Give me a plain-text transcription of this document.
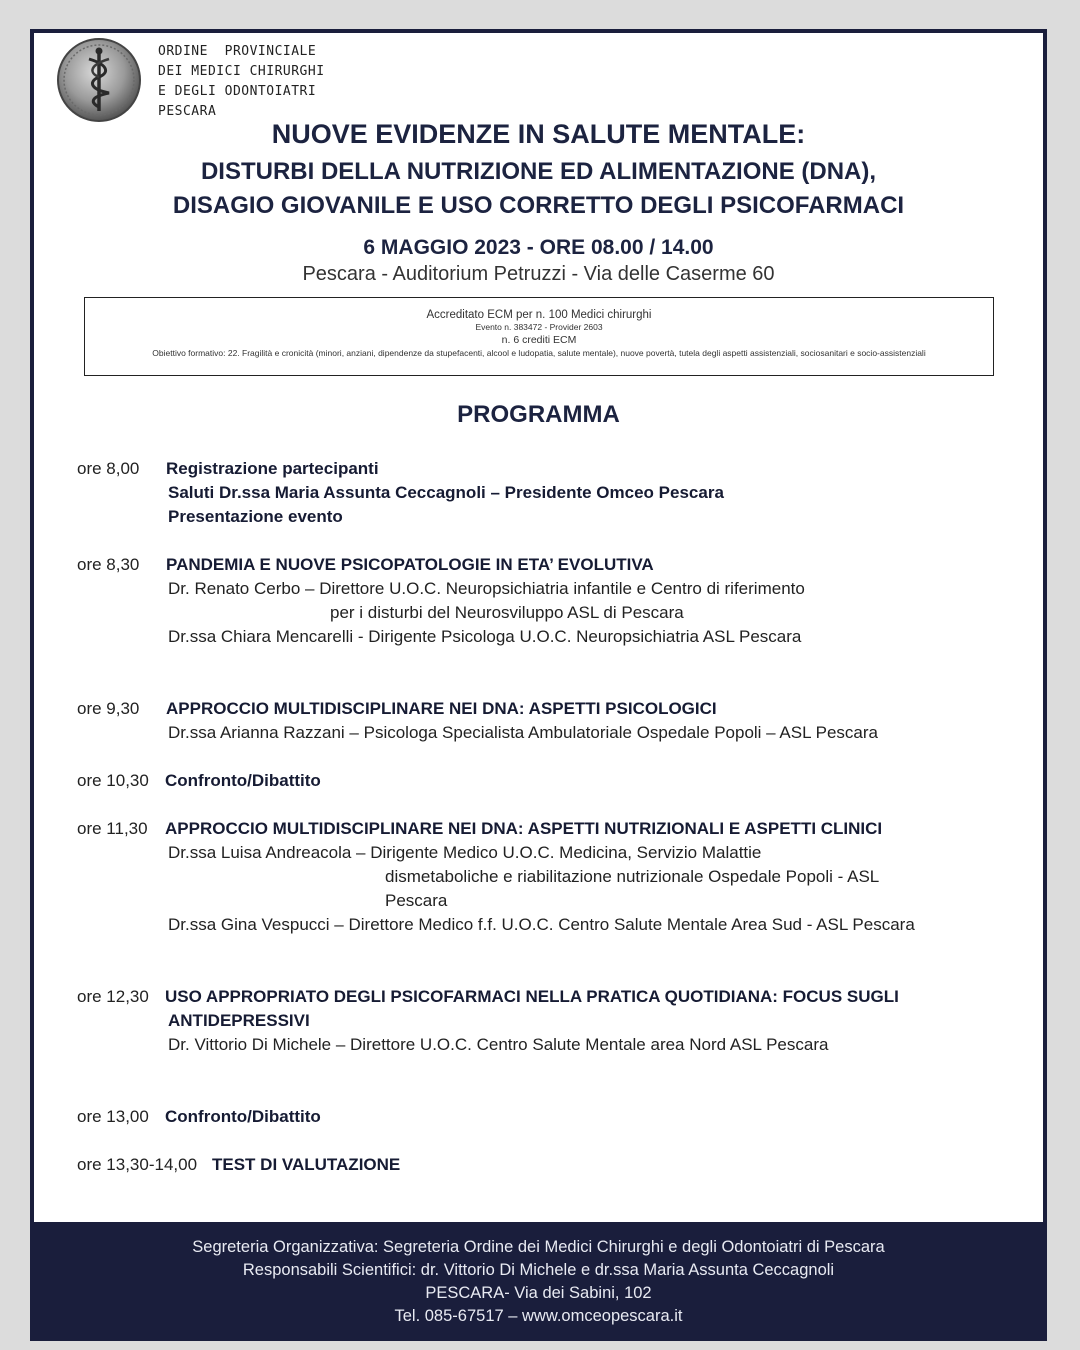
ORDINE  PROVINCIALE
DEI MEDICI CHIRURGHI
E DEGLI ODONTOIATRI
PESCARA
NUOVE EVIDENZE IN SALUTE MENTALE:
DISTURBI DELLA NUTRIZIONE ED ALIMENTAZIONE (DNA),
DISAGIO GIOVANILE E USO CORRETTO DEGLI PSICOFARMACI
6 MAGGIO 2023 - ORE 08.00 / 14.00
Pescara - Auditorium Petruzzi - Via delle Caserme 60
Accreditato ECM per n. 100 Medici chirurghi
Evento n. 383472 - Provider 2603
n. 6 crediti ECM
Obiettivo formativo: 22. Fragilità e cronicità (minori, anziani, dipendenze da stupefacenti, alcool e ludopatia, salute mentale), nuove povertà, tutela degli aspetti assistenziali, sociosanitari e socio-assistenziali
PROGRAMMA
ore 8,00 Registrazione partecipanti
Saluti Dr.ssa Maria Assunta Ceccagnoli – Presidente Omceo Pescara
Presentazione evento
ore 8,30 PANDEMIA E NUOVE PSICOPATOLOGIE IN ETA’ EVOLUTIVA
Dr. Renato Cerbo – Direttore U.O.C. Neuropsichiatria infantile e Centro di riferimento
per i disturbi del Neurosviluppo ASL di Pescara
Dr.ssa Chiara Mencarelli - Dirigente Psicologa U.O.C. Neuropsichiatria ASL Pescara
ore 9,30 APPROCCIO MULTIDISCIPLINARE NEI DNA: ASPETTI PSICOLOGICI
Dr.ssa Arianna Razzani – Psicologa Specialista Ambulatoriale Ospedale Popoli – ASL Pescara
ore 10,30 Confronto/Dibattito
ore 11,30 APPROCCIO MULTIDISCIPLINARE NEI DNA: ASPETTI NUTRIZIONALI E ASPETTI CLINICI
Dr.ssa Luisa Andreacola – Dirigente Medico U.O.C. Medicina, Servizio Malattie
dismetaboliche e riabilitazione nutrizionale Ospedale Popoli - ASL
Pescara
Dr.ssa Gina Vespucci – Direttore Medico f.f. U.O.C. Centro Salute Mentale Area Sud - ASL Pescara
ore 12,30 USO APPROPRIATO DEGLI PSICOFARMACI NELLA PRATICA QUOTIDIANA: FOCUS SUGLI
ANTIDEPRESSIVI
Dr. Vittorio Di Michele – Direttore U.O.C. Centro Salute Mentale area Nord ASL Pescara
ore 13,00 Confronto/Dibattito
ore 13,30-14,00 TEST DI VALUTAZIONE
Segreteria Organizzativa: Segreteria Ordine dei Medici Chirurghi e degli Odontoiatri di Pescara
Responsabili Scientifici: dr. Vittorio Di Michele e dr.ssa Maria Assunta Ceccagnoli
PESCARA- Via dei Sabini, 102
Tel. 085-67517 – www.omceopescara.it
